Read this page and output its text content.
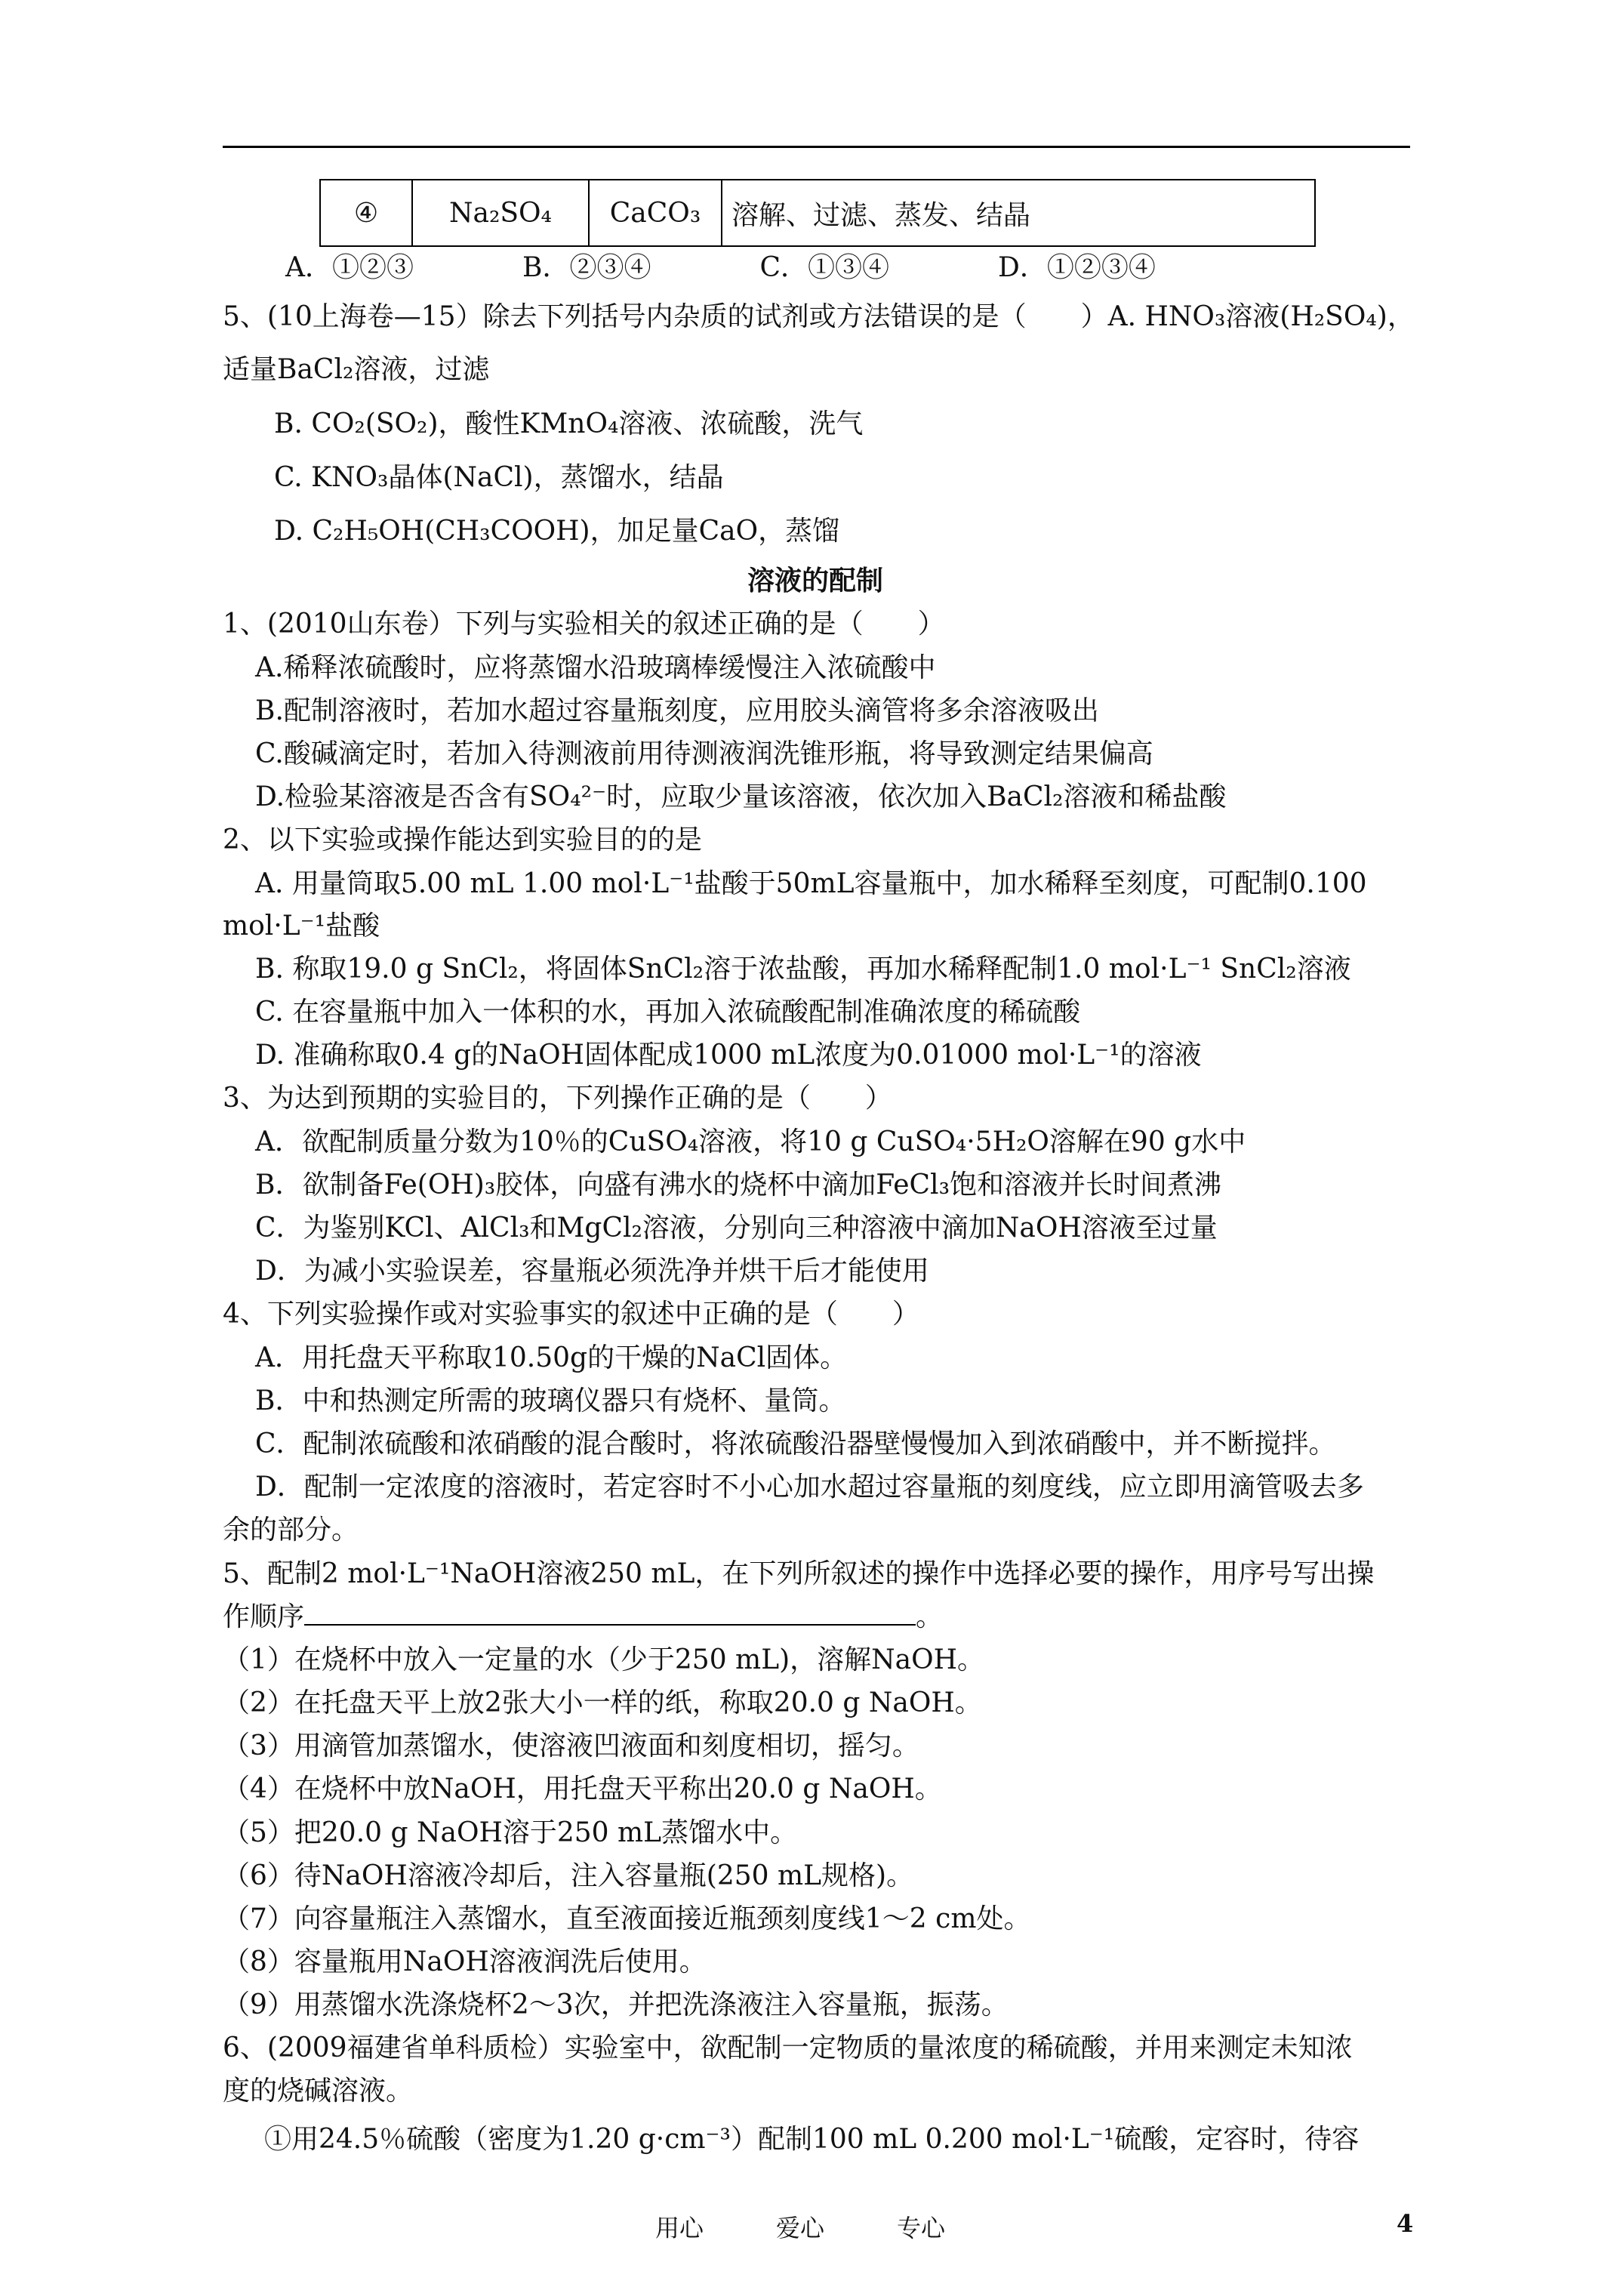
④	Na₂SO₄	CaCO₃	溶解、过滤、蒸发、结晶
A．①②③　　　　B．②③④　　　　C．①③④　　　　D．①②③④
5、(10上海卷—15）除去下列括号内杂质的试剂或方法错误的是（　　）A. HNO₃溶液(H₂SO₄)，
适量BaCl₂溶液，过滤
B. CO₂(SO₂)，酸性KMnO₄溶液、浓硫酸，洗气
C. KNO₃晶体(NaCl)，蒸馏水，结晶
D. C₂H₅OH(CH₃COOH)，加足量CaO，蒸馏
溶液的配制
1、(2010山东卷）下列与实验相关的叙述正确的是（　　）
A.稀释浓硫酸时，应将蒸馏水沿玻璃棒缓慢注入浓硫酸中
B.配制溶液时，若加水超过容量瓶刻度，应用胶头滴管将多余溶液吸出
C.酸碱滴定时，若加入待测液前用待测液润洗锥形瓶，将导致测定结果偏高
D.检验某溶液是否含有SO₄²⁻时，应取少量该溶液，依次加入BaCl₂溶液和稀盐酸
2、以下实验或操作能达到实验目的的是
A. 用量筒取5.00 mL 1.00 mol·L⁻¹盐酸于50mL容量瓶中，加水稀释至刻度，可配制0.100
mol·L⁻¹盐酸
B. 称取19.0 g SnCl₂，将固体SnCl₂溶于浓盐酸，再加水稀释配制1.0 mol·L⁻¹ SnCl₂溶液
C. 在容量瓶中加入一体积的水，再加入浓硫酸配制准确浓度的稀硫酸
D. 准确称取0.4 g的NaOH固体配成1000 mL浓度为0.01000 mol·L⁻¹的溶液
3、为达到预期的实验目的，下列操作正确的是（　　）
A．欲配制质量分数为10％的CuSO₄溶液，将10 g CuSO₄·5H₂O溶解在90 g水中
B．欲制备Fe(OH)₃胶体，向盛有沸水的烧杯中滴加FeCl₃饱和溶液并长时间煮沸
C．为鉴别KCl、AlCl₃和MgCl₂溶液，分别向三种溶液中滴加NaOH溶液至过量
D．为减小实验误差，容量瓶必须洗净并烘干后才能使用
4、下列实验操作或对实验事实的叙述中正确的是（　　）
A．用托盘天平称取10.50g的干燥的NaCl固体。
B．中和热测定所需的玻璃仪器只有烧杯、量筒。
C．配制浓硫酸和浓硝酸的混合酸时，将浓硫酸沿器壁慢慢加入到浓硝酸中，并不断搅拌。
D．配制一定浓度的溶液时，若定容时不小心加水超过容量瓶的刻度线，应立即用滴管吸去多
余的部分。
5、配制2 mol·L⁻¹NaOH溶液250 mL，在下列所叙述的操作中选择必要的操作，用序号写出操
作顺序	。
（1）在烧杯中放入一定量的水（少于250 mL)，溶解NaOH。
（2）在托盘天平上放2张大小一样的纸，称取20.0 g NaOH。
（3）用滴管加蒸馏水，使溶液凹液面和刻度相切，摇匀。
（4）在烧杯中放NaOH，用托盘天平称出20.0 g NaOH。
（5）把20.0 g NaOH溶于250 mL蒸馏水中。
（6）待NaOH溶液冷却后，注入容量瓶(250 mL规格)。
（7）向容量瓶注入蒸馏水，直至液面接近瓶颈刻度线1～2 cm处。
（8）容量瓶用NaOH溶液润洗后使用。
（9）用蒸馏水洗涤烧杯2～3次，并把洗涤液注入容量瓶，振荡。
6、(2009福建省单科质检）实验室中，欲配制一定物质的量浓度的稀硫酸，并用来测定未知浓
度的烧碱溶液。
①用24.5％硫酸（密度为1.20 g·cm⁻³）配制100 mL 0.200 mol·L⁻¹硫酸，定容时，待容
用心　　　爱心　　　专心	4
